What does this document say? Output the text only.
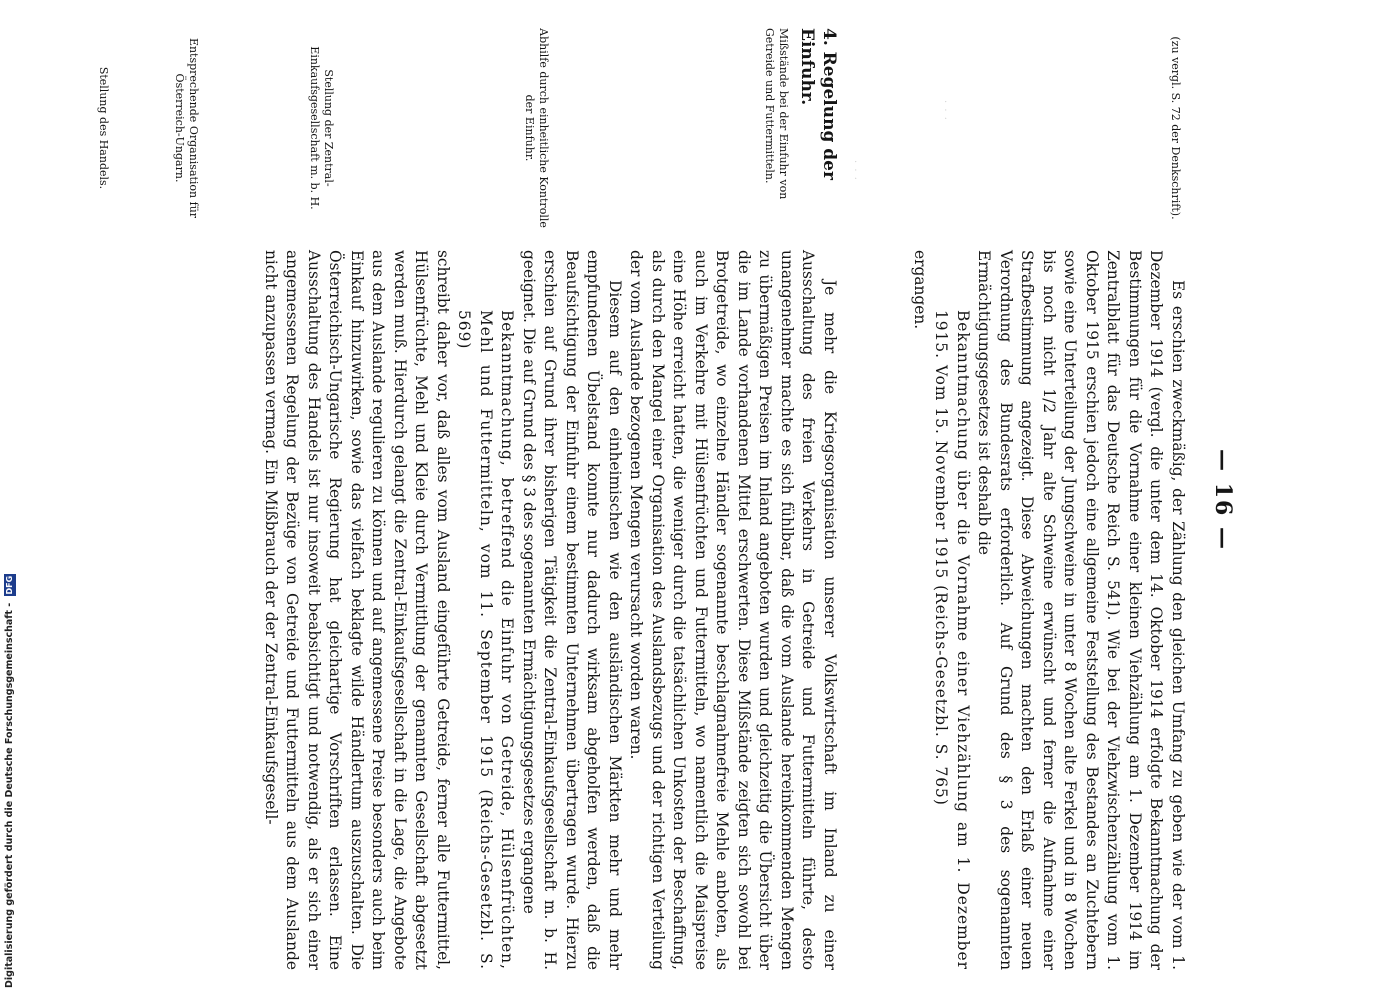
— 16 —
(zu vergl. S. 72 der Denkschrift).

Es erschien zweckmäßig, der Zählung den gleichen Umfang zu geben wie der vom 1. Dezember 1914 (vergl. die unter dem 14. Oktober 1914 erfolgte Bekanntmachung der Bestimmungen für die Vornahme einer kleinen Viehzählung am 1. Dezember 1914 im Zentralblatt für das Deutsche Reich S. 541). Wie bei der Viehzwischenzählung vom 1. Oktober 1915 erschien jedoch eine allgemeine Feststellung des Bestandes an Zuchtebern sowie eine Unterteilung der Jungschweine in unter 8 Wochen alte Ferkel und in 8 Wochen bis noch nicht 1/2 Jahr alte Schweine erwünscht und ferner die Aufnahme einer Strafbestimmung angezeigt. Diese Abweichungen machten den Erlaß einer neuen Verordnung des Bundesrats erforderlich. Auf Grund des § 3 des sogenannten Ermächtigungsgesetzes ist deshalb die

Bekanntmachung über die Vornahme einer Viehzählung am 1. Dezember 1915. Vom 15. November 1915 (Reichs-Gesetzbl. S. 765)

ergangen.

· · ·
· · ·
4. Regelung der Einfuhr.
Mißstände bei der Einfuhr von Getreide und Futtermitteln.

Je mehr die Kriegsorganisation unserer Volkswirtschaft im Inland zu einer Ausschaltung des freien Verkehrs in Getreide und Futtermitteln führte, desto unangenehmer machte es sich fühlbar, daß die vom Auslande hereinkommenden Mengen zu übermäßigen Preisen im Inland angeboten wurden und gleichzeitig die Übersicht über die im Lande vorhandenen Mittel erschwerten. Diese Mißstände zeigten sich sowohl bei Brotgetreide, wo einzelne Händler sogenannte beschlagnahmefreie Mehle anboten, als auch im Verkehre mit Hülsenfrüchten und Futtermitteln, wo namentlich die Maispreise eine Höhe erreicht hatten, die weniger durch die tatsächlichen Unkosten der Beschaffung, als durch den Mangel einer Organisation des Auslandsbezugs und der richtigen Verteilung der vom Auslande bezogenen Mengen verursacht worden waren.

Diesem auf den einheimischen wie den ausländischen Märkten mehr und mehr empfundenen Übelstand konnte nur dadurch wirksam abgeholfen werden, daß die Beaufsichtigung der Einfuhr einem bestimmten Unternehmen übertragen wurde. Hierzu erschien auf Grund ihrer bisherigen Tätigkeit die Zentral-Einkaufsgesellschaft m. b. H. geeignet. Die auf Grund des § 3 des sogenannten Ermächtigungsgesetzes ergangene

Bekanntmachung, betreffend die Einfuhr von Getreide, Hülsenfrüchten, Mehl und Futtermitteln, vom 11. September 1915 (Reichs-Gesetzbl. S. 569)

schreibt daher vor, daß alles vom Ausland eingeführte Getreide, ferner alle Futtermittel, Hülsenfrüchte, Mehl und Kleie durch Vermittlung der genannten Gesellschaft abgesetzt werden muß. Hierdurch gelangt die Zentral-Einkaufsgesellschaft in die Lage, die Angebote aus dem Auslande regulieren zu können und auf angemessene Preise besonders auch beim Einkauf hinzuwirken, sowie das vielfach beklagte wilde Händlertum auszuschalten. Die Österreichisch-Ungarische Regierung hat gleichartige Vorschriften erlassen. Eine Ausschaltung des Handels ist nur insoweit beabsichtigt und notwendig, als er sich einer angemessenen Regelung der Bezüge von Getreide und Futtermitteln aus dem Auslande nicht anzupassen vermag. Ein Mißbrauch der der Zentral-Einkaufsgesell-

Abhilfe durch einheitliche Kontrolle der Einfuhr.
Stellung der Zentral-Einkaufsgesellschaft m. b. H.
Entsprechende Organisation für Österreich-Ungarn.
Stellung des Handels.
Digitalisierung gefördert durch die Deutsche Forschungsgemeinschaft - DFG
